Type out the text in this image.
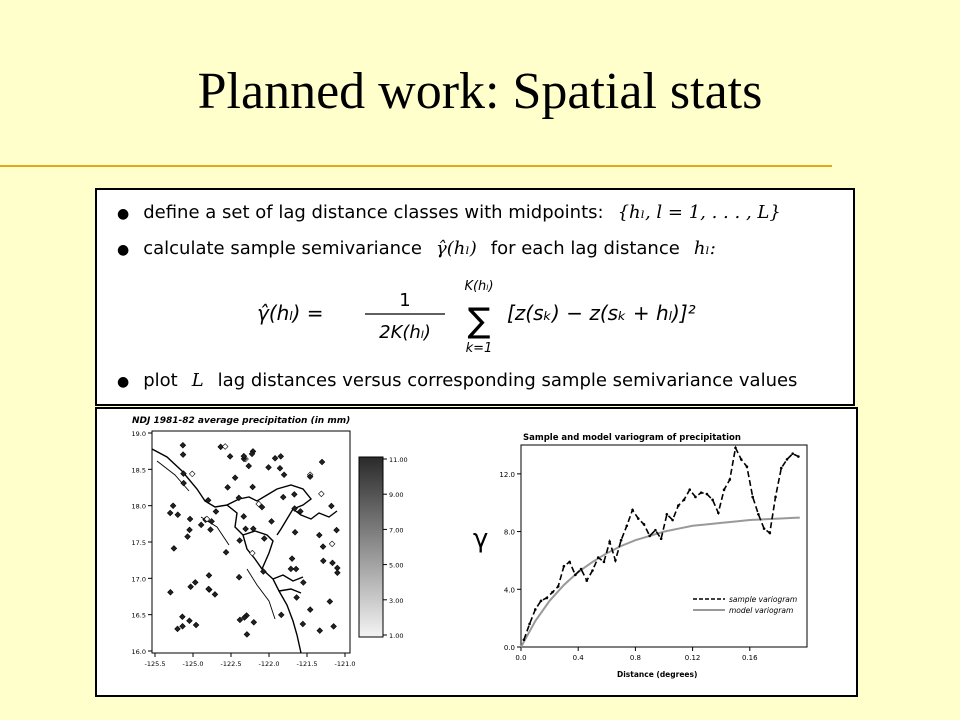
Planned work: Spatial stats
● define a set of lag distance classes with midpoints: {hₗ, l = 1, . . . , L}
● calculate sample semivariance γ̂(hₗ) for each lag distance hₗ:
γ̂(hₗ) =
1
2K(hₗ)
K(hₗ)
∑
k=1
[z(sₖ) − z(sₖ + hₗ)]²
● plot L lag distances versus corresponding sample semivariance values
NDJ 1981-82 average precipitation (in mm)
19.0
18.5
18.0
17.5
17.0
16.5
16.0
-125.5	-125.0	-122.5	-122.0	-121.5	-121.0
11.00
9.00
7.00
5.00
3.00
1.00
Sample and model variogram of precipitation
γ
0.0
4.0
8.0
12.0
0.0	0.4	0.8	0.12	0.16
Distance (degrees)
sample variogram
model variogram
